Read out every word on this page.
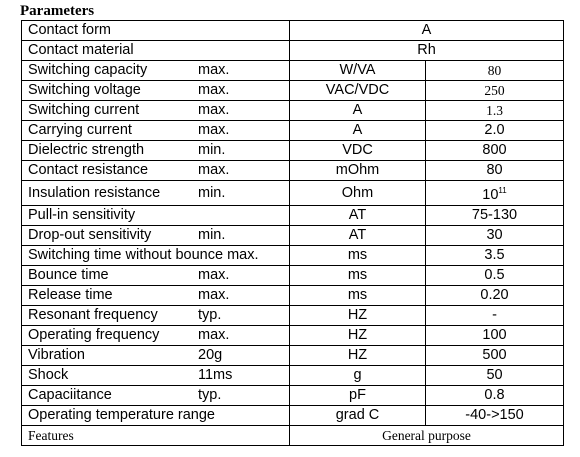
Parameters
Contact form	A	
Contact material	Rh	
Switching capacity max.	W/VA	80
Switching voltage max.	VAC/VDC	250
Switching current max.	A	1.3
Carrying current max.	A	2.0
Dielectric strength min.	VDC	800
Contact resistance max.	mOhm	80
Insulation resistance min.	Ohm	$10^{11}$
Pull-in sensitivity	AT	75-130
Drop-out sensitivity min.	AT	30
Switching time without bounce max.	ms	3.5
Bounce time max.	ms	0.5
Release time max.	ms	0.20
Resonant frequency typ.	HZ	-
Operating frequency max.	HZ	100
Vibration 20g	HZ	500
Shock 11ms	g	50
Capaciitance typ.	pF	0.8
Operating temperature range	grad C	-40->150
Features	General purpose	
